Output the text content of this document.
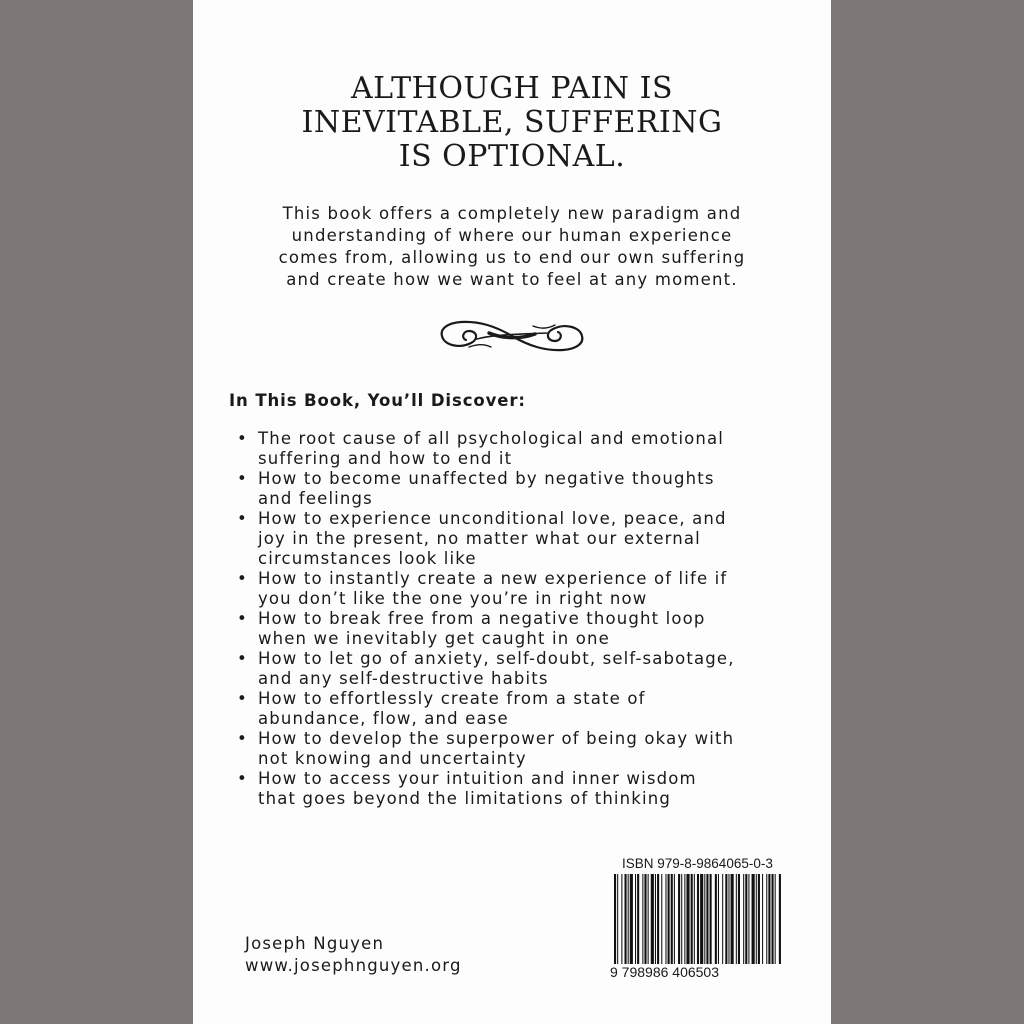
ALTHOUGH PAIN IS
INEVITABLE, SUFFERING
IS OPTIONAL.
This book offers a completely new paradigm and
understanding of where our human experience
comes from, allowing us to end our own suffering
and create how we want to feel at any moment.
In This Book, You’ll Discover:
• The root cause of all psychological and emotional
suffering and how to end it
• How to become unaffected by negative thoughts
and feelings
• How to experience unconditional love, peace, and
joy in the present, no matter what our external
circumstances look like
• How to instantly create a new experience of life if
you don’t like the one you’re in right now
• How to break free from a negative thought loop
when we inevitably get caught in one
• How to let go of anxiety, self-doubt, self-sabotage,
and any self-destructive habits
• How to effortlessly create from a state of
abundance, flow, and ease
• How to develop the superpower of being okay with
not knowing and uncertainty
• How to access your intuition and inner wisdom
that goes beyond the limitations of thinking
ISBN 979-8-9864065-0-3
9 798986 406503
Joseph Nguyen
www.josephnguyen.org
